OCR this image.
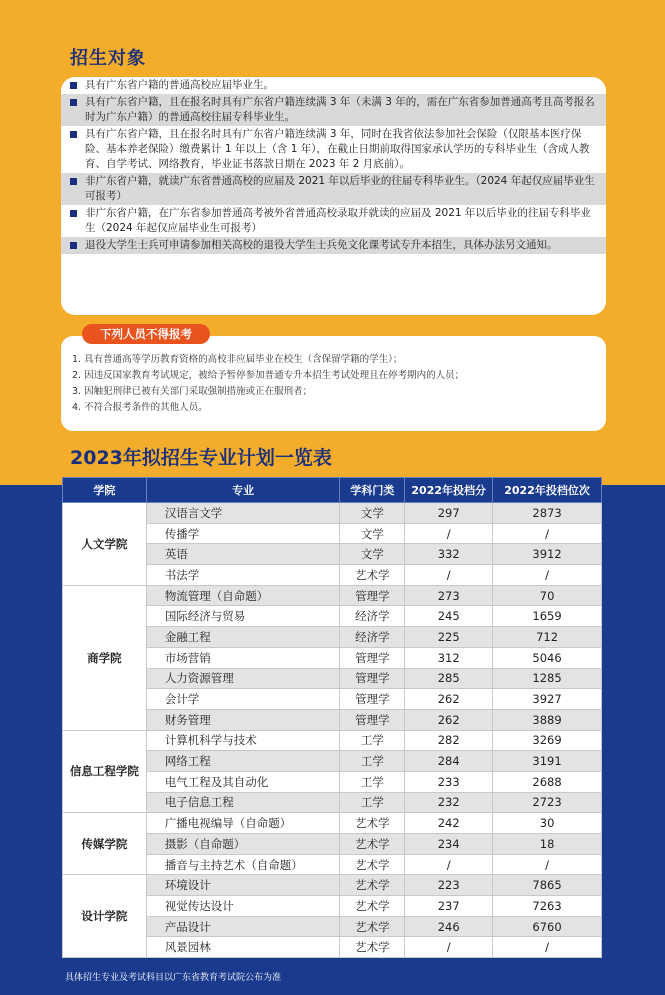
招生对象
具有广东省户籍的普通高校应届毕业生。
具有广东省户籍，且在报名时具有广东省户籍连续满 3 年（未满 3 年的，需在广东省参加普通高考且高考报名时为广东户籍）的普通高校往届专科毕业生。
具有广东省户籍，且在报名时具有广东省户籍连续满 3 年，同时在我省依法参加社会保险（仅限基本医疗保险、基本养老保险）缴费累计 1 年以上（含 1 年），在截止日期前取得国家承认学历的专科毕业生（含成人教育、自学考试、网络教育，毕业证书落款日期在 2023 年 2 月底前）。
非广东省户籍，就读广东省普通高校的应届及 2021 年以后毕业的往届专科毕业生。（2024 年起仅应届毕业生可报考）
非广东省户籍，在广东省参加普通高考被外省普通高校录取并就读的应届及 2021 年以后毕业的往届专科毕业生（2024 年起仅应届毕业生可报考）
退役大学生士兵可申请参加相关高校的退役大学生士兵免文化课考试专升本招生，具体办法另文通知。
下列人员不得报考
1. 具有普通高等学历教育资格的高校非应届毕业在校生（含保留学籍的学生）；
2. 因违反国家教育考试规定，被给予暂停参加普通专升本招生考试处理且在停考期内的人员；
3. 因触犯刑律已被有关部门采取强制措施或正在服刑者；
4. 不符合报考条件的其他人员。
2023年拟招生专业计划一览表
学院	专业	学科门类	2022年投档分	2022年投档位次
人文学院	汉语言文学	文学	297	2873
	传播学	文学	/	/
	英语	文学	332	3912
	书法学	艺术学	/	/
商学院	物流管理（自命题）	管理学	273	70
	国际经济与贸易	经济学	245	1659
	金融工程	经济学	225	712
	市场营销	管理学	312	5046
	人力资源管理	管理学	285	1285
	会计学	管理学	262	3927
	财务管理	管理学	262	3889
信息工程学院	计算机科学与技术	工学	282	3269
	网络工程	工学	284	3191
	电气工程及其自动化	工学	233	2688
	电子信息工程	工学	232	2723
传媒学院	广播电视编导（自命题）	艺术学	242	30
	摄影（自命题）	艺术学	234	18
	播音与主持艺术（自命题）	艺术学	/	/
设计学院	环境设计	艺术学	223	7865
	视觉传达设计	艺术学	237	7263
	产品设计	艺术学	246	6760
	风景园林	艺术学	/	/
具体招生专业及考试科目以广东省教育考试院公布为准
